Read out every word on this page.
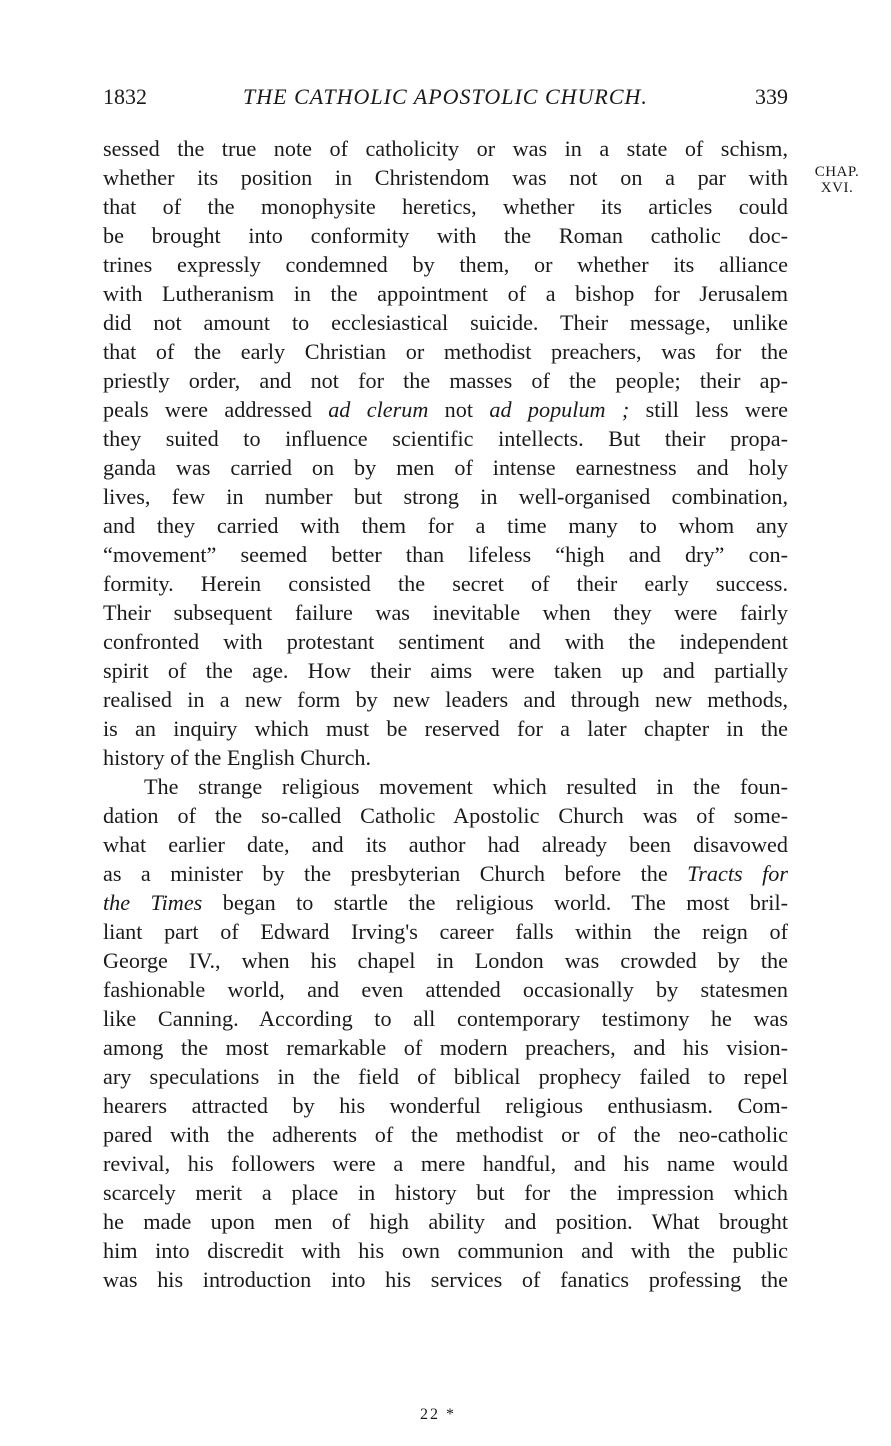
1832	THE CATHOLIC APOSTOLIC CHURCH.	339
CHAP.
XVI.
sessed the true note of catholicity or was in a state of schism,
whether its position in Christendom was not on a par with
that of the monophysite heretics, whether its articles could
be brought into conformity with the Roman catholic doc-
trines expressly condemned by them, or whether its alliance
with Lutheranism in the appointment of a bishop for Jerusalem
did not amount to ecclesiastical suicide. Their message, unlike
that of the early Christian or methodist preachers, was for the
priestly order, and not for the masses of the people; their ap-
peals were addressed ad clerum not ad populum ; still less were
they suited to influence scientific intellects. But their propa-
ganda was carried on by men of intense earnestness and holy
lives, few in number but strong in well-organised combination,
and they carried with them for a time many to whom any
“movement” seemed better than lifeless “high and dry” con-
formity. Herein consisted the secret of their early success.
Their subsequent failure was inevitable when they were fairly
confronted with protestant sentiment and with the independent
spirit of the age. How their aims were taken up and partially
realised in a new form by new leaders and through new methods,
is an inquiry which must be reserved for a later chapter in the
history of the English Church.
The strange religious movement which resulted in the foun-
dation of the so-called Catholic Apostolic Church was of some-
what earlier date, and its author had already been disavowed
as a minister by the presbyterian Church before the Tracts for
the Times began to startle the religious world. The most bril-
liant part of Edward Irving's career falls within the reign of
George IV., when his chapel in London was crowded by the
fashionable world, and even attended occasionally by statesmen
like Canning. According to all contemporary testimony he was
among the most remarkable of modern preachers, and his vision-
ary speculations in the field of biblical prophecy failed to repel
hearers attracted by his wonderful religious enthusiasm. Com-
pared with the adherents of the methodist or of the neo-catholic
revival, his followers were a mere handful, and his name would
scarcely merit a place in history but for the impression which
he made upon men of high ability and position. What brought
him into discredit with his own communion and with the public
was his introduction into his services of fanatics professing the
22 *
